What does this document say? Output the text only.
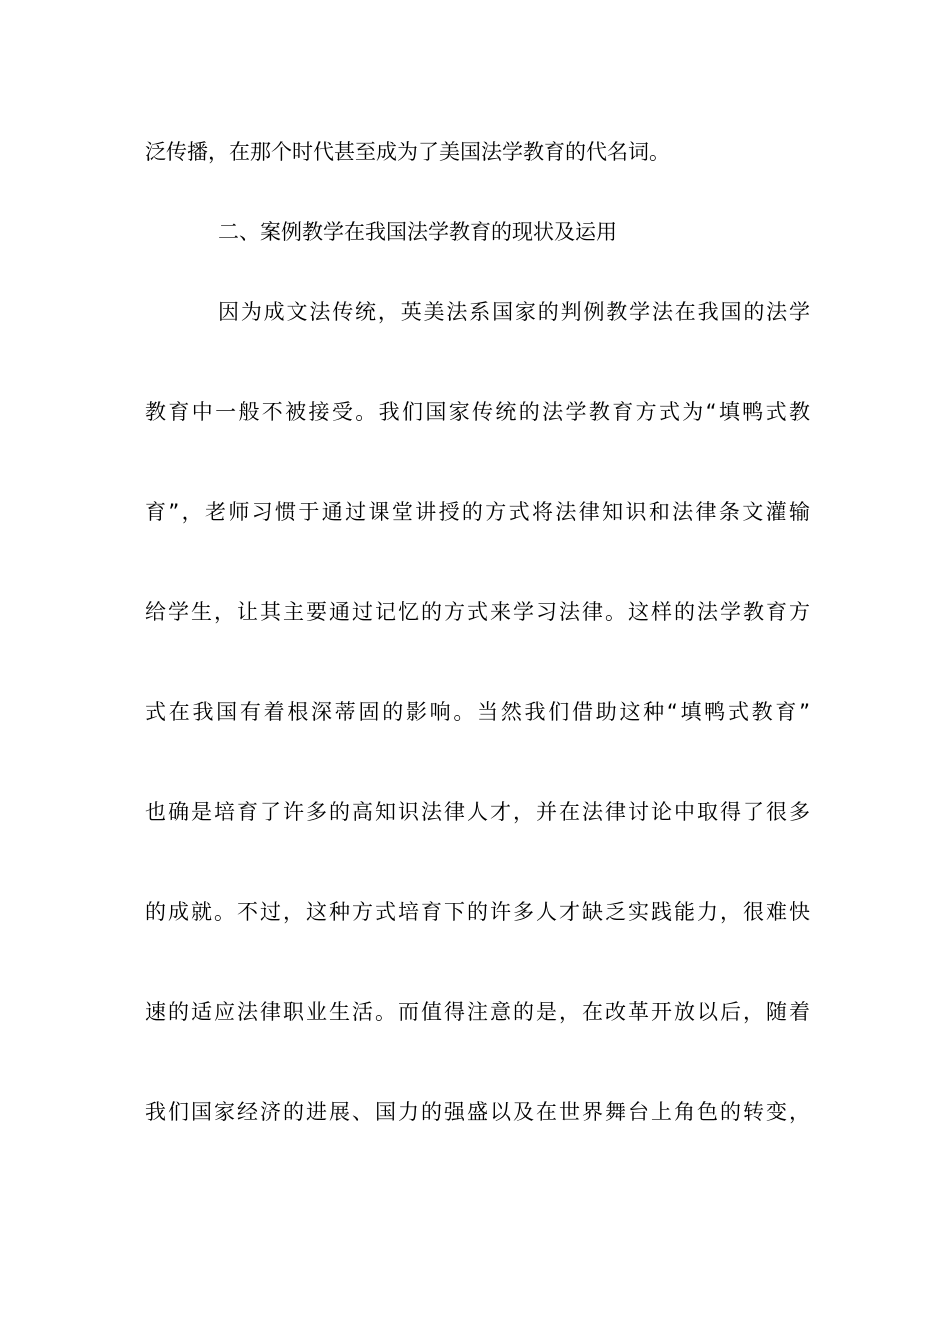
泛传播，在那个时代甚至成为了美国法学教育的代名词。
二、案例教学在我国法学教育的现状及运用
因为成文法传统，英美法系国家的判例教学法在我国的法学
教育中一般不被接受。我们国家传统的法学教育方式为“填鸭式教
育”，老师习惯于通过课堂讲授的方式将法律知识和法律条文灌输
给学生，让其主要通过记忆的方式来学习法律。这样的法学教育方
式在我国有着根深蒂固的影响。当然我们借助这种“填鸭式教育”
也确是培育了许多的高知识法律人才，并在法律讨论中取得了很多
的成就。不过，这种方式培育下的许多人才缺乏实践能力，很难快
速的适应法律职业生活。而值得注意的是，在改革开放以后，随着
我们国家经济的进展、国力的强盛以及在世界舞台上角色的转变，
